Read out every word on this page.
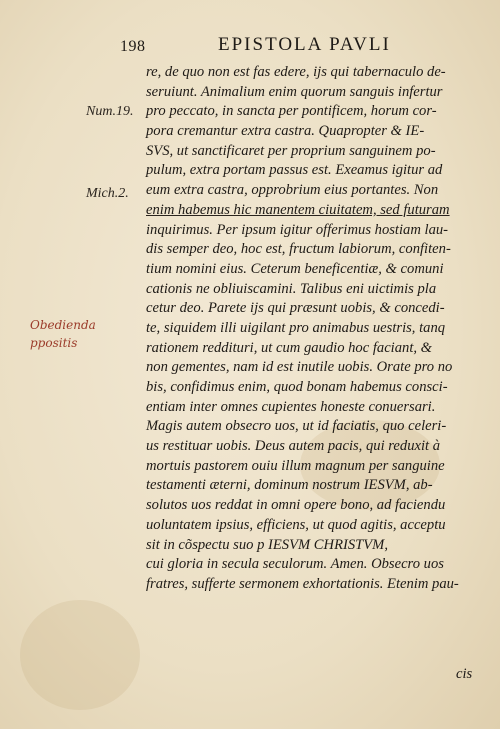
198	EPISTOLA PAVLI
Num.19.
Mich.2.
Obedienda
ppositis
re, de quo non est fas edere, ijs qui tabernaculo de-
seruiunt. Animalium enim quorum sanguis infertur
pro peccato, in sancta per pontificem, horum cor-
pora cremantur extra castra. Quapropter & IE-
SVS, ut sanctificaret per proprium sanguinem po-
pulum, extra portam passus est. Exeamus igitur ad
eum extra castra, opprobrium eius portantes. Non
enim habemus hic manentem ciuitatem, sed futuram
inquirimus. Per ipsum igitur offerimus hostiam lau-
dis semper deo, hoc est, fructum labiorum, confiten-
tium nomini eius. Ceterum beneficentiæ, & comuni
cationis ne obliuiscamini. Talibus eni uictimis pla
cetur deo. Parete ijs qui præsunt uobis, & concedi-
te, siquidem illi uigilant pro animabus uestris, tanq
rationem reddituri, ut cum gaudio hoc faciant, &
non gementes, nam id est inutile uobis. Orate pro no
bis, confidimus enim, quod bonam habemus consci-
entiam inter omnes cupientes honeste conuersari.
Magis autem obsecro uos, ut id faciatis, quo celeri-
us restituar uobis. Deus autem pacis, qui reduxit à
mortuis pastorem ouiu illum magnum per sanguine
testamenti æterni, dominum nostrum IESVM, ab-
solutos uos reddat in omni opere bono, ad faciendu
uoluntatem ipsius, efficiens, ut quod agitis, acceptu
sit in cõspectu suo p IESVM CHRISTVM,
cui gloria in secula seculorum. Amen. Obsecro uos
fratres, sufferte sermonem exhortationis. Etenim pau-
cis
